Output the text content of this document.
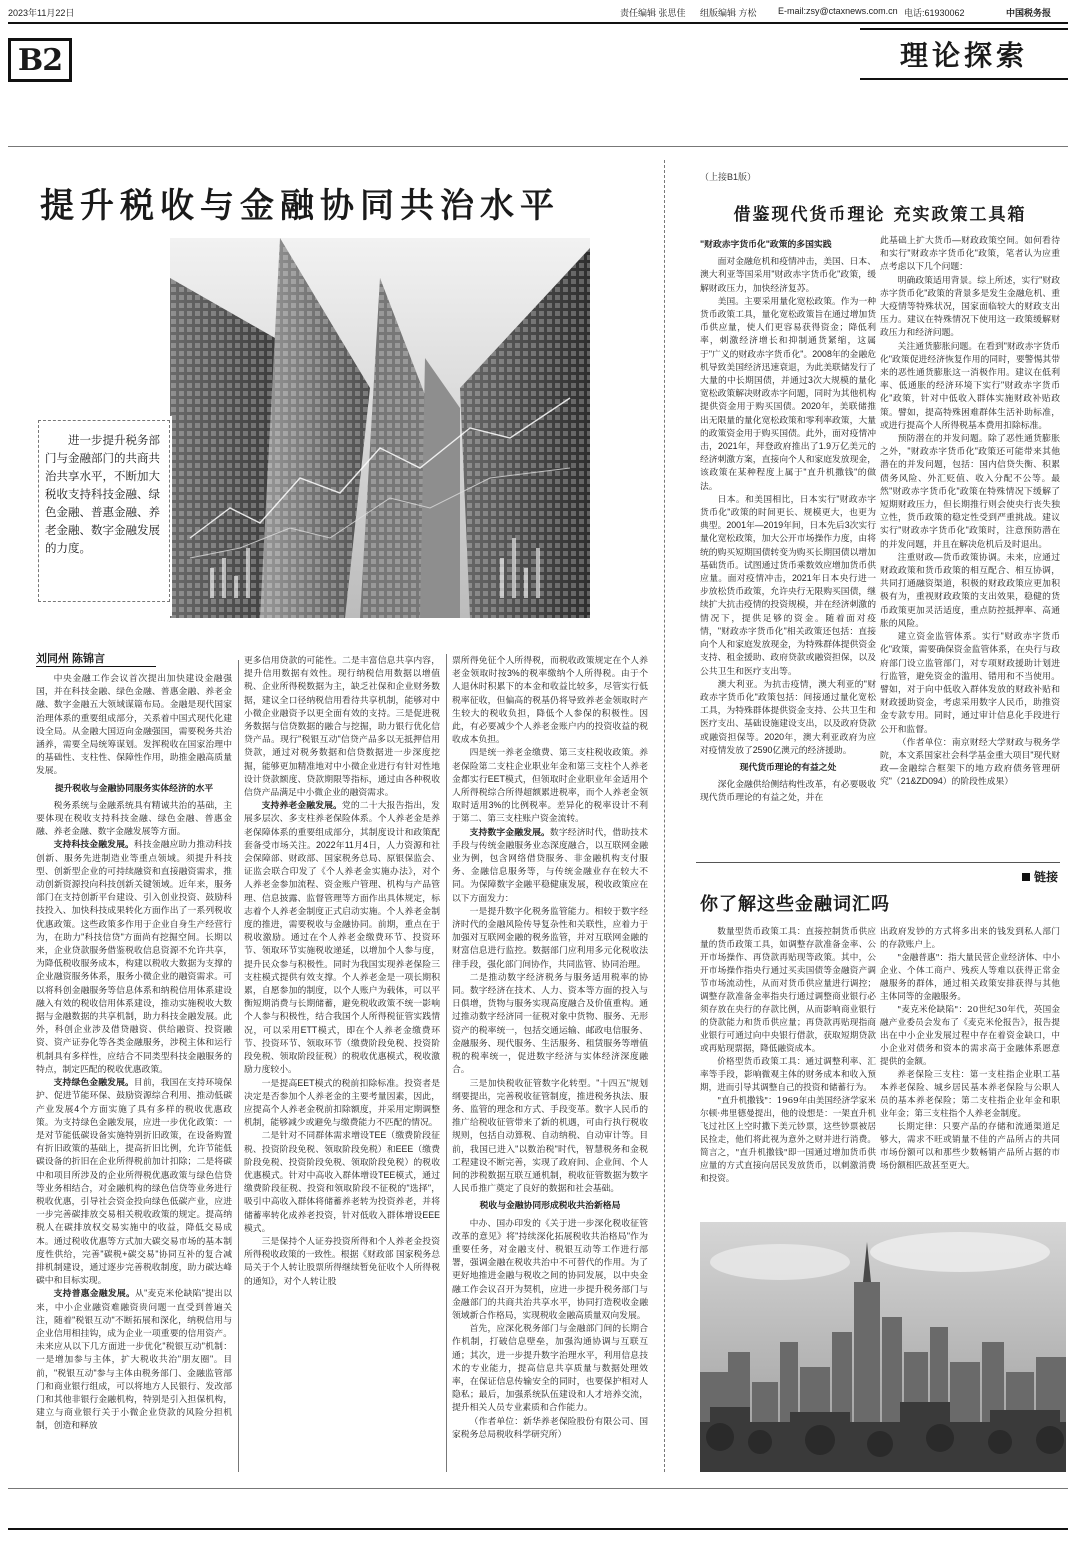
2023年11月22日	责任编辑 张思佳 组版编辑 方松 E-mail:zsy@ctaxnews.com.cn 电话:61930062	中国税务报
B2	理论探索
提升税收与金融协同共治水平

进一步提升税务部门与金融部门的共商共治共享水平，不断加大税收支持科技金融、绿色金融、普惠金融、养老金融、数字金融发展的力度。

刘同州 陈锦言

中央金融工作会议首次提出加快建设金融强国，并在科技金融、绿色金融、普惠金融、养老金融、数字金融五大领域谋篇布局。金融是现代国家治理体系的重要组成部分，关系着中国式现代化建设全局。从金融大国迈向金融强国，需要税务共治涵养，需要全局统筹谋划。发挥税收在国家治理中的基础性、支柱性、保障性作用，助推金融高质量发展。

提升税收与金融协同服务实体经济的水平

税务系统与金融系统具有精诚共治的基础，主要体现在税收支持科技金融、绿色金融、普惠金融、养老金融、数字金融发展等方面。

支持科技金融发展。科技金融应助力推动科技创新、服务先进制造业等重点领域。须提升科技型、创新型企业的可持续融资和直接融资需求，推动创新资源投向科技创新关键领域。近年来，服务部门在支持创新平台建设、引入创业投资、鼓励科技投入、加快科技成果转化方面作出了一系列税收优惠政策。这些政策多作用于企业自身生产经营行为，在助力"科技信贷"方面尚有挖掘空间。长期以来，企业贷款服务借鉴税收信息资源不允许共享，为降低税收服务成本，构建以税收大数据为支撑的企业融资服务体系，服务小微企业的融资需求。可以将科创金融服务等信息体系和纳税信用体系建设融入有效的税收信用体系建设，推动实施税收大数据与金融数据的共享机制，助力科技金融发展。此外，科创企业涉及借贷融资、供给融资、投资融资、资产证券化等各类金融服务，涉税主体和运行机制具有多样性，应结合不同类型科技金融服务的特点，制定匹配的税收优惠政策。

支持绿色金融发展。目前，我国在支持环境保护、促进节能环保、鼓励资源综合利用、推动低碳产业发展4个方面实施了具有多样的税收优惠政策。为支持绿色金融发展，应进一步优化政策：一是对节能低碳设备实施特别折旧政策，在设备购置有折旧政策的基础上，提高折旧比例，允许节能低碳设备的折旧在企业所得税前加计扣除；二是将碳中和项目所涉及的企业所得税优惠政策与绿色信贷等业务相结合，对金融机构的绿色信贷等业务进行税收优惠，引导社会资金投向绿色低碳产业，应进一步完善碳排放交易相关税收政策的规定。提高纳税人在碳排放权交易实施中的收益，降低交易成本。通过税收优惠等方式加大碳交易市场的基本制度性供给，完善"碳税+碳交易"协同互补的复合减排机制建设，通过逐步完善税收制度，助力碳达峰碳中和目标实现。

支持普惠金融发展。从"麦克米伦缺陷"提出以来，中小企业融资难融资贵问题一直受到普遍关注，随着"税银互动"不断拓展和深化，纳税信用与企业信用相挂钩，成为企业一项重要的信用资产。未来应从以下几方面进一步优化"税银互动"机制：一是增加参与主体，扩大税收共治"朋友圈"。目前，"税银互动"参与主体由税务部门、金融监管部门和商业银行组成，可以将地方人民银行、发改部门和其他非银行金融机构，特别是引入担保机构，建立与商业银行关于小微企业贷款的风险分担机制，创造和释放

更多信用贷款的可能性。二是丰富信息共享内容，提升信用数据有效性。现行纳税信用数据以增值税、企业所得税数据为主，缺乏社保和企业财务数据，建议全口径纳税信用看待共享机制，能够对中小微企业融资予以更全面有效的支持。三是促进税务数据与信贷数据的融合与挖掘，助力银行优化信贷产品。现行"税银互动"信贷产品多以无抵押信用贷款，通过对税务数据和信贷数据进一步深度挖掘，能够更加精准地对中小微企业进行有针对性地设计贷款额度、贷款期限等指标，通过由各种税收信贷产品满足中小微企业的融资需求。

支持养老金融发展。党的二十大报告指出，发展多层次、多支柱养老保险体系。个人养老金是养老保障体系的重要组成部分，其制度设计和政策配套备受市场关注。2022年11月4日，人力资源和社会保障部、财政部、国家税务总局、原银保监会、证监会联合印发了《个人养老金实施办法》，对个人养老金参加流程、资金账户管理、机构与产品管理、信息披露、监督管理等方面作出具体规定，标志着个人养老金制度正式启动实施。个人养老金制度的推进，需要税收与金融协同。前期，重点在于税收激励。通过在个人养老金缴费环节、投资环节、领取环节实施税收递延，以增加个人参与度，提升民众参与积极性。同时为我国实现养老保险三支柱模式提供有效支撑。个人养老金是一项长期积累，自愿参加的制度，以个人账户为载体，可以平衡短期消费与长期储蓄，避免税收政策不统一影响个人参与积极性，结合我国个人所得税征管实践情况，可以采用ETT模式，即在个人养老金缴费环节、投资环节、领取环节（缴费阶段免税、投资阶段免税、领取阶段征税）的税收优惠模式，税收激励力度较小。

一是提高EET模式的税前扣除标准。投资者是决定是否参加个人养老金的主要考量因素，因此，应提高个人养老金税前扣除额度，并采用定期调整机制，能够减少或避免与缴费能力不匹配的情况。

二是针对不同群体需求增设TEE（缴费阶段征税、投资阶段免税、领取阶段免税）和EEE（缴费阶段免税、投资阶段免税、领取阶段免税）的税收优惠模式。针对中高收入群体增设TEE模式，通过缴费阶段征税、投资和领取阶段不征税的"选择"，吸引中高收入群体将储蓄养老转为投资养老，并将储蓄率转化成养老投资，针对低收入群体增设EEE模式。

三是保持个人证券投资所得和个人养老金投资所得税收政策的一致性。根据《财政部 国家税务总局关于个人转让股票所得继续暂免征收个人所得税的通知》，对个人转让股

票所得免征个人所得税，而税收政策规定在个人养老金领取时按3%的税率缴纳个人所得税。由于个人退休时积累下的本金和收益比较多，尽管实行低税率征收，但偏高的税基仍将导致养老金领取时产生较大的税收负担，降低个人参保的积极性。因此，有必要减少个人养老金账户内的投资收益的税收成本负担。

四是统一养老金缴费、第三支柱税收政策。养老保险第二支柱企业职业年金和第三支柱个人养老金都实行EET模式，但领取时企业职业年金适用个人所得税综合所得超额累进税率，而个人养老金领取时适用3%的比例税率。差异化的税率设计不利于第二、第三支柱账户资金流转。

支持数字金融发展。数字经济时代，借助技术手段与传统金融服务业态深度融合，以互联网金融业为例，包含网络借贷服务、非金融机构支付服务、金融信息服务等，与传统金融业存在较大不同。为保障数字金融平稳健康发展，税收政策应在以下方面发力：

一是提升数字化税务监管能力。相较于数字经济时代的金融风险传导复杂性和关联性，应着力于加强对互联网金融的税务监管，并对互联网金融的财富信息进行监控。数据部门应利用多元化税收法律手段，强化部门间协作，共同监管、协同治理。

二是推动数字经济税务与服务适用税率的协同。数字经济在技术、人力、资本等方面的投入与日俱增，货物与服务实现高度融合及价值重构。通过推动数字经济同一征税对象中货物、服务、无形资产的税率统一，包括交通运输、邮政电信服务、金融服务、现代服务、生活服务、租赁服务等增值税的税率统一，促进数字经济与实体经济深度融合。

三是加快税收征管数字化转型。"十四五"规划纲要提出，完善税收征管制度，推进税务执法、服务、监管的理念和方式、手段变革。数字人民币的推广给税收征管带来了新的机遇，可由行执行税收规则，包括自动算税、自动纳税、自动审计等。目前，我国已进入"以数治税"时代，智慧税务和金税工程建设不断完善，实现了政府间、企业间、个人间的涉税数据互联互通机制，税收征管数据为数字人民币推广奠定了良好的数据和社会基础。

税收与金融协同形成税收共治新格局

中办、国办印发的《关于进一步深化税收征管改革的意见》将"持续深化拓展税收共治格局"作为重要任务，对金融支付、税银互动等工作进行部署，强调金融在税收共治中不可替代的作用。为了更好地推进金融与税收之间的协同发展，以中央金融工作会议召开为契机，应进一步提升税务部门与金融部门的共商共治共享水平，协同打造税收金融领域新合作格局，实现税收金融高质量双向发展。

首先，应深化税务部门与金融部门间的长期合作机制，打破信息壁垒，加强沟通协调与互联互通；其次，进一步提升数字治理水平，利用信息技术的专业能力，提高信息共享质量与数据处理效率，在保证信息传输安全的同时，也要保护相对人隐私；最后，加强系统队伍建设和人才培养交流，提升相关人员专业素质和合作能力。

（作者单位：新华养老保险股份有限公司、国家税务总局税收科学研究所）

（上接B1版）
借鉴现代货币理论 充实政策工具箱

"财政赤字货币化"政策的多国实践

面对金融危机和疫情冲击，美国、日本、澳大利亚等国采用"财政赤字货币化"政策，缓解财政压力，加快经济复苏。

美国。主要采用量化宽松政策。作为一种货币政策工具，量化宽松政策旨在通过增加货币供应量，使人们更容易获得资金；降低利率，刺激经济增长和抑制通货紧缩，这属于"广义的财政赤字货币化"。2008年的金融危机导致美国经济迅速衰退，为此美联储发行了大量的中长期国债，并通过3次大规模的量化宽松政策解决财政赤字问题，同时为其他机构提供资金用于购买国债。2020年，美联储推出无限量的量化宽松政策和零利率政策，大量的政策资金用于购买国债。此外，面对疫情冲击，2021年，拜登政府推出了1.9万亿美元的经济刺激方案，直接向个人和家庭发放现金，该政策在某种程度上属于"直升机撒钱"的做法。

日本。和美国相比，日本实行"财政赤字货币化"政策的时间更长、规模更大，也更为典型。2001年—2019年间，日本先后3次实行量化宽松政策，加大公开市场操作力度，由将统的购买短期国债转变为购买长期国债以增加基础货币。试图通过货币乘数效应增加货币供应量。面对疫情冲击，2021年日本央行进一步放松货币政策，允许央行无限购买国债，继续扩大抗击疫情的投资规模，并在经济刺激的情况下，提供足够的资金。随着面对疫情，"财政赤字货币化"相关政策还包括：直接向个人和家庭发放现金，为特殊群体提供资金支持、租金援助、政府贷款或融资担保，以及公共卫生和医疗支出等。

澳大利亚。为抗击疫情，澳大利亚的"财政赤字货币化"政策包括：间接通过量化宽松工具，为特殊群体提供资金支持、公共卫生和医疗支出、基础设施建设支出，以及政府贷款或融资担保等。2020年，澳大利亚政府为应对疫情发放了2590亿澳元的经济援助。

现代货币理论的有益之处

深化金融供给侧结构性改革，有必要吸收现代货币理论的有益之处，并在

此基础上扩大货币—财政政策空间。如何看待和实行"财政赤字货币化"政策，笔者认为应重点考虑以下几个问题：

明确政策适用背景。综上所述，实行"财政赤字货币化"政策的背景多是发生金融危机、重大疫情等特殊状况，国家面临较大的财政支出压力。建议在特殊情况下使用这一政策缓解财政压力和经济问题。

关注通货膨胀问题。在看到"财政赤字货币化"政策促进经济恢复作用的同时，要警惕其带来的恶性通货膨胀这一消极作用。建议在低利率、低通胀的经济环境下实行"财政赤字货币化"政策，针对中低收入群体实施财政补贴政策。譬如，提高特殊困难群体生活补助标准，或进行提高个人所得税基本费用扣除标准。

预防潜在的并发问题。除了恶性通货膨胀之外，"财政赤字货币化"政策还可能带来其他潜在的并发问题，包括：国内信贷失衡、积累债务风险、外汇贬值、收入分配不公等。最然"财政赤字货币化"政策在特殊情况下缓解了短期财政压力，但长期推行则会使央行丧失独立性，货币政策的稳定性受到严重挑战。建议实行"财政赤字货币化"政策时，注意预防潜在的并发问题，并且在解决危机后及时退出。

注重财政—货币政策协调。未来，应通过财政政策和货币政策的相互配合、相互协调，共同打通融资渠道，积极的财政政策应更加积极有为，重视财政政策的支出效果，稳健的货币政策更加灵活适度，重点防控抵押率、高通胀的风险。

建立资金监管体系。实行"财政赤字货币化"政策，需要确保资金监管体系，在央行与政府部门设立监管部门，对专项财政援助计划进行监管，避免资金的滥用、错用和不当使用。譬如，对于向中低收入群体发放的财政补贴和财政援助资金，考虑采用数字人民币，助推资金专款专用。同时，通过审计信息化手段进行公开和监督。

（作者单位：南京财经大学财政与税务学院，本文系国家社会科学基金重大项目"现代财政—金融综合框架下的地方政府债务管理研究"（21&ZD094）的阶段性成果）

链接
你了解这些金融词汇吗

数量型货币政策工具：直接控制货币供应量的货币政策工具，如调整存款准备金率、公开市场操作、再贷款再贴现等政策。其中，公开市场操作指央行通过买卖国债等金融资产调节市场流动性，从而对货币供应量进行调控；调整存款准备金率指央行通过调整商业银行必须存放在央行的存款比例，从而影响商业银行的贷款能力和货币供应量；再贷款再贴现指商业银行可通过向中央银行借款，获取短期贷款或再贴现票据，降低融资成本。

价格型货币政策工具：通过调整利率、汇率等手段，影响微观主体的财务成本和收入预期，进而引导其调整自己的投资和储蓄行为。

"直升机撒钱"：1969年由美国经济学家米尔顿·弗里德曼提出，他的设想是：一架直升机飞过社区上空时撒下美元钞票，这些钞票被居民捡走，他们将此视为意外之财并进行消费。简言之，"直升机撒钱"即一国通过增加货币供应量的方式直接向居民发放货币，以刺激消费和投资。

出政府发钞的方式将多出来的钱发到私人部门的存款账户上。

"金融普惠"：指大量民营企业经济体、中小企业、个体工商户、残疾人等难以获得正常金融服务的群体，通过相关政策安排获得与其他主体同等的金融服务。

"麦克米伦缺陷"：20世纪30年代，英国金融产业委员会发布了《麦克米伦报告》，报告提出在中小企业发展过程中存在着资金缺口，中小企业对债务和资本的需求高于金融体系愿意提供的金额。

养老保险三支柱：第一支柱指企业职工基本养老保险、城乡居民基本养老保险与公职人员的基本养老保险；第二支柱指企业年金和职业年金；第三支柱指个人养老金制度。

长期定律：只要产品的存储和流通渠道足够大，需求不旺或销量不佳的产品所占的共同市场份额可以和那些少数畅销产品所占据的市场份额相匹敌甚至更大。
